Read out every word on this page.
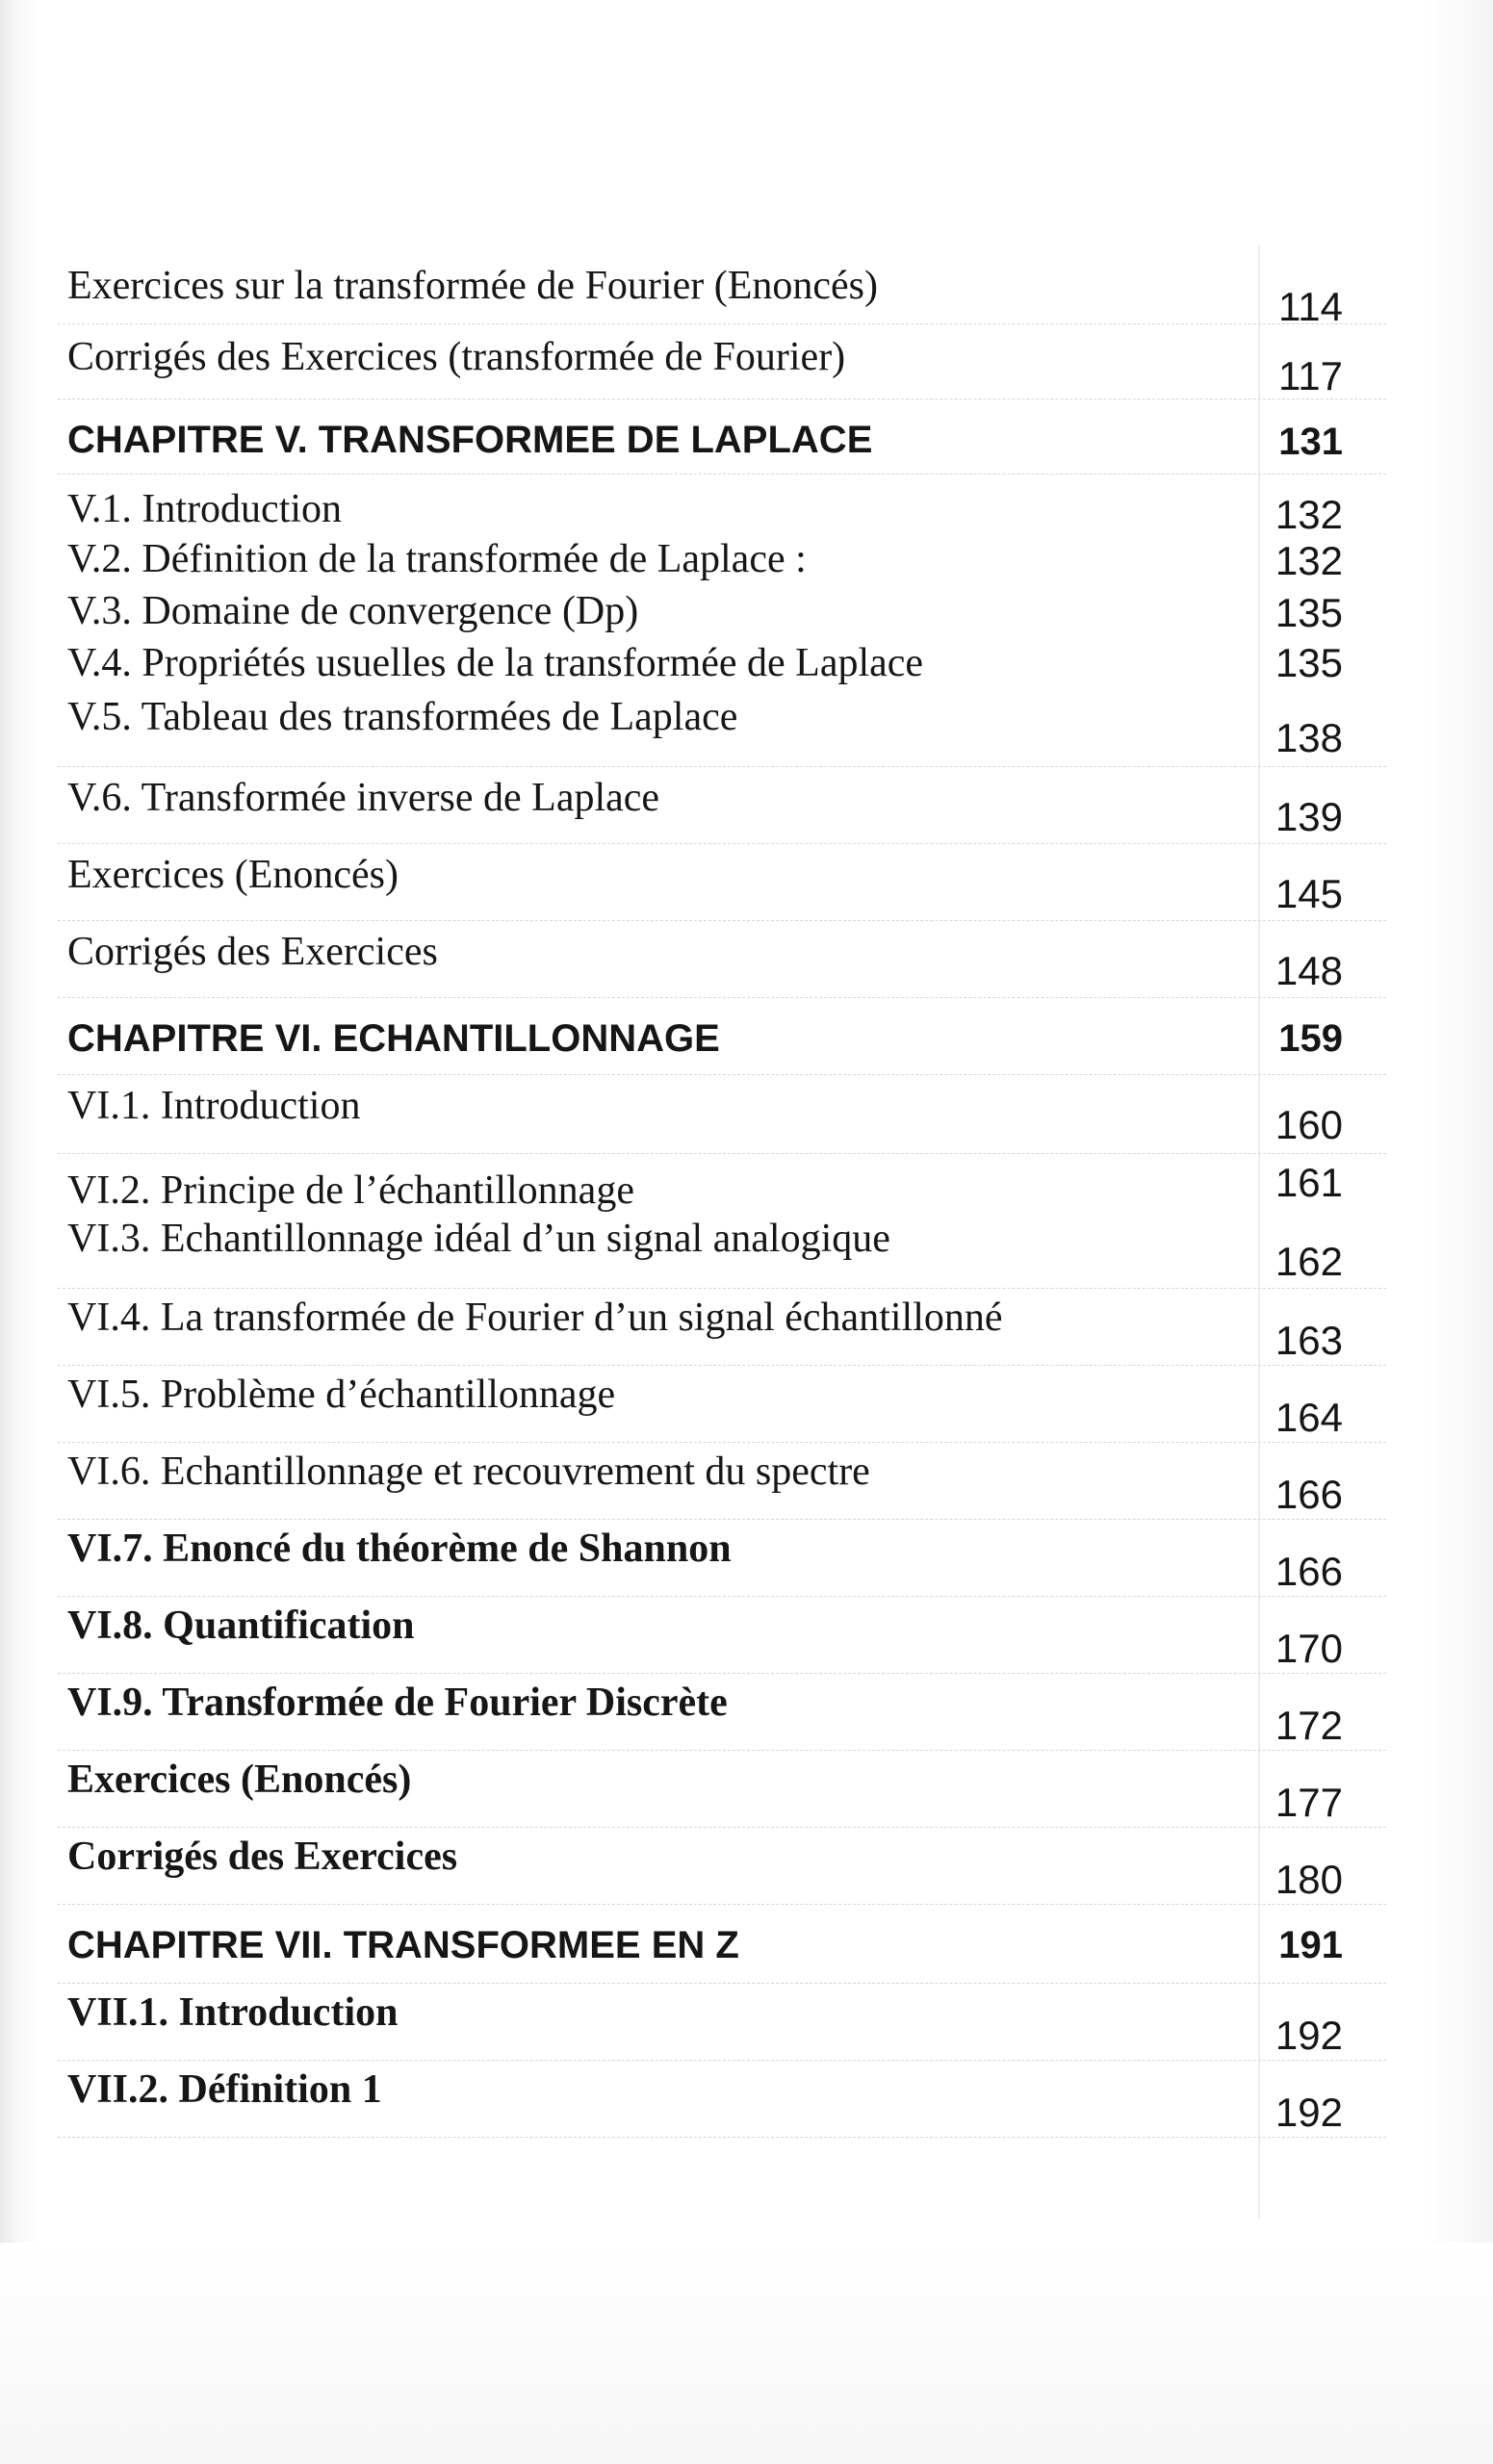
Exercices sur la transformée de Fourier (Enoncés)	114
Corrigés des Exercices (transformée de Fourier)	117
CHAPITRE V. TRANSFORMEE DE LAPLACE	131
V.1. Introduction	132
V.2. Définition de la transformée de Laplace :	132
V.3. Domaine de convergence (Dp)	135
V.4. Propriétés usuelles de la transformée de Laplace	135
V.5. Tableau des transformées de Laplace	138
V.6. Transformée inverse de Laplace	139
Exercices (Enoncés)	145
Corrigés des Exercices	148
CHAPITRE VI. ECHANTILLONNAGE	159
VI.1. Introduction	160
VI.2. Principe de l’échantillonnage	161
VI.3. Echantillonnage idéal d’un signal analogique	162
VI.4. La transformée de Fourier d’un signal échantillonné	163
VI.5. Problème d’échantillonnage	164
VI.6. Echantillonnage et recouvrement du spectre	166
VI.7. Enoncé du théorème de Shannon	166
VI.8. Quantification	170
VI.9. Transformée de Fourier Discrète	172
Exercices (Enoncés)	177
Corrigés des Exercices	180
CHAPITRE VII. TRANSFORMEE EN Z	191
VII.1. Introduction	192
VII.2. Définition 1	192
